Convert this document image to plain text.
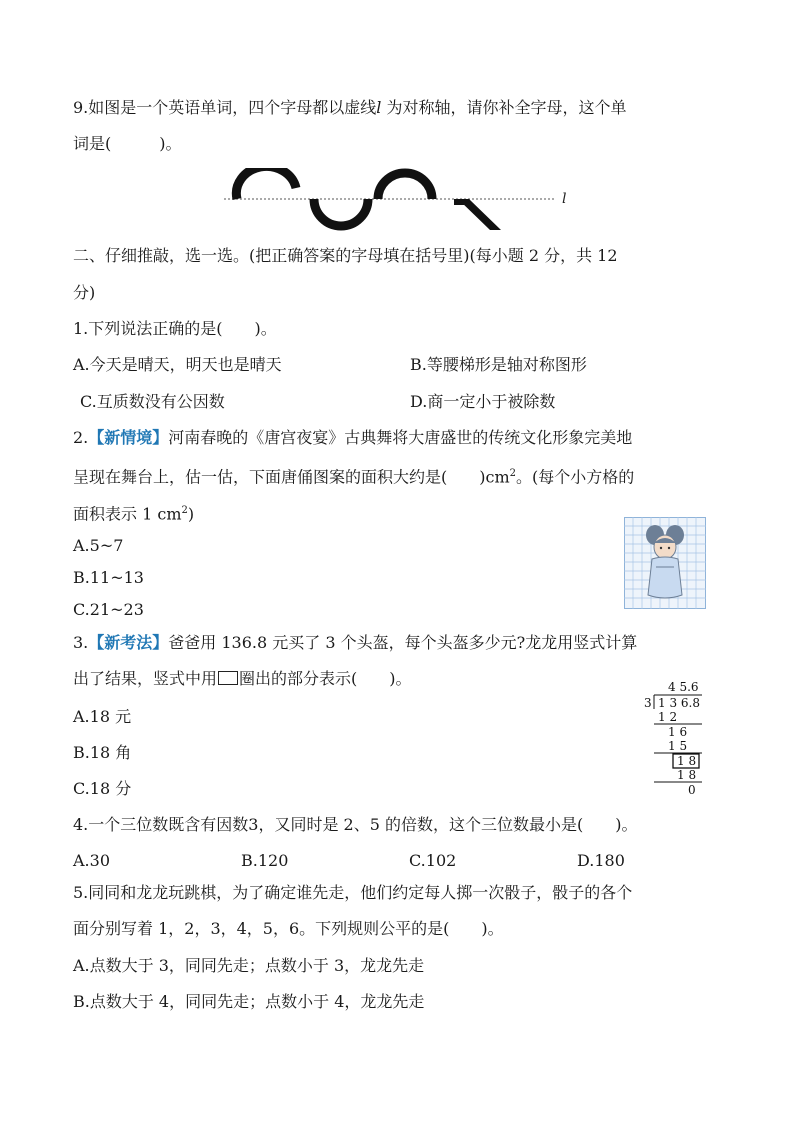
9.如图是一个英语单词，四个字母都以虚线l 为对称轴，请你补全字母，这个单
词是(　　　)。
l
二、仔细推敲，选一选。(把正确答案的字母填在括号里)(每小题 2 分，共 12
分)
1.下列说法正确的是(　　)。
A.今天是晴天，明天也是晴天	B.等腰梯形是轴对称图形
C.互质数没有公因数	D.商一定小于被除数
2.【新情境】河南春晚的《唐宫夜宴》古典舞将大唐盛世的传统文化形象完美地
呈现在舞台上，估一估，下面唐俑图案的面积大约是(　　)$cm^2$。(每个小方格的
面积表示 1 $cm^2$)
A.5~7
B.11~13
C.21~23
3.【新考法】爸爸用 136.8 元买了 3 个头盔，每个头盔多少元?龙龙用竖式计算
出了结果，竖式中用 圈出的部分表示(　　)。
A.18 元
B.18 角
C.18 分
4 5.6
3 1 3 6.8
1 2
1 6
1 5
1 8
1 8
0
4.一个三位数既含有因数3，又同时是 2、5 的倍数，这个三位数最小是(　　)。
A.30	B.120	C.102	D.180
5.同同和龙龙玩跳棋，为了确定谁先走，他们约定每人掷一次骰子，骰子的各个
面分别写着 1，2，3，4，5，6。下列规则公平的是(　　)。
A.点数大于 3，同同先走；点数小于 3，龙龙先走
B.点数大于 4，同同先走；点数小于 4，龙龙先走
